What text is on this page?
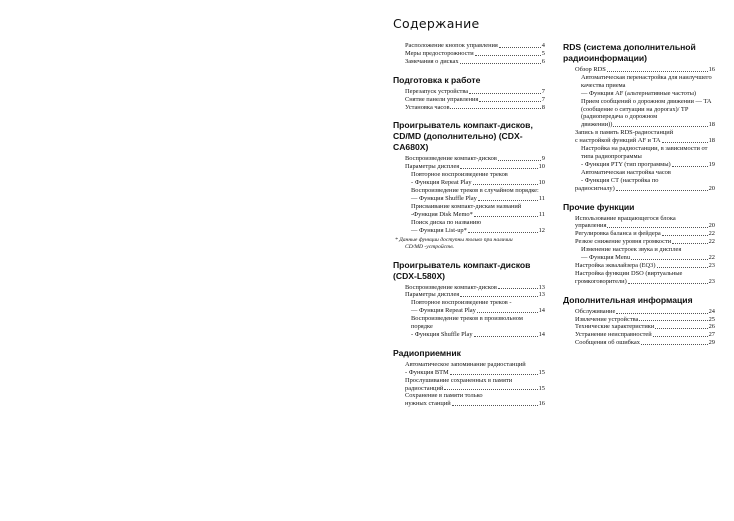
Содержание
Расположение кнопок управления	4
Меры предосторожности	5
Замечания о дисках	6
Подготовка к работе
Перезапуск устройства	7
Снятие панели управления	7
Установка часов	8
Проигрыватель компакт-дисков, CD/MD (дополнительно) (CDX-CA680X)
Воспроизведение компакт-дисков	9
Параметры дисплея	10
Повторное воспроизведение треков
- Функция Repeat Play	10
Воспроизведение треков в случайном порядке:
— Функция Shuffle Play	11
Присваивание компакт-дискам названий
-Функция Disk Memo*	11
Поиск диска по названию
— Функция List-up*	12
* Данные функции доступны только при наличии
CD/MD -устройств.
Проигрыватель компакт-дисков (CDX-L580X)
Воспроизведение компакт-дисков	13
Параметры дисплея	13
Повторное воспроизведение треков -
— Функция Repeat Play	14
Воспроизведение треков в произвольном порядке
- Функция Shuffle Play	14
Радиоприемник
Автоматическое запоминание радиостанций
- Функция BTM	15
Прослушивание сохраненных в памяти
радиостанций	15
Сохранение в памяти только
нужных станций	16
RDS (система дополнительной радиоинформации)
Обзор RDS	16
Автоматическая перенастройка для наилучшего качества приема
— Функция AF (альтернативные частоты)
Прием сообщений о дорожном движении — TA (сообщение о ситуации на дорогах)/ TP (радиопередача о дорожном
движении))	18
Запись в память RDS-радиостанций
с настройкой функций AF и TA	18
Настройка на радиостанции, в зависимости от типа радиопрограммы
- Функция PTY (тип программы)	19
Автоматическая настройка часов
- Функция CT (настройка по
радиосигналу)	20
Прочие функции
Использование вращающегося блока
управления	20
Регулировка баланса и фейдера	22
Резкое снижение уровня громкости	22
Изменение настроек звука и дисплея
— Функция Menu	22
Настройка эквалайзера (EQ3)	23
Настройка функции DSO (виртуальные
громкоговорители)	23
Дополнительная информация
Обслуживание	24
Извлечение устройства	25
Технические характеристики	26
Устранение неисправностей	27
Сообщения об ошибках	29
